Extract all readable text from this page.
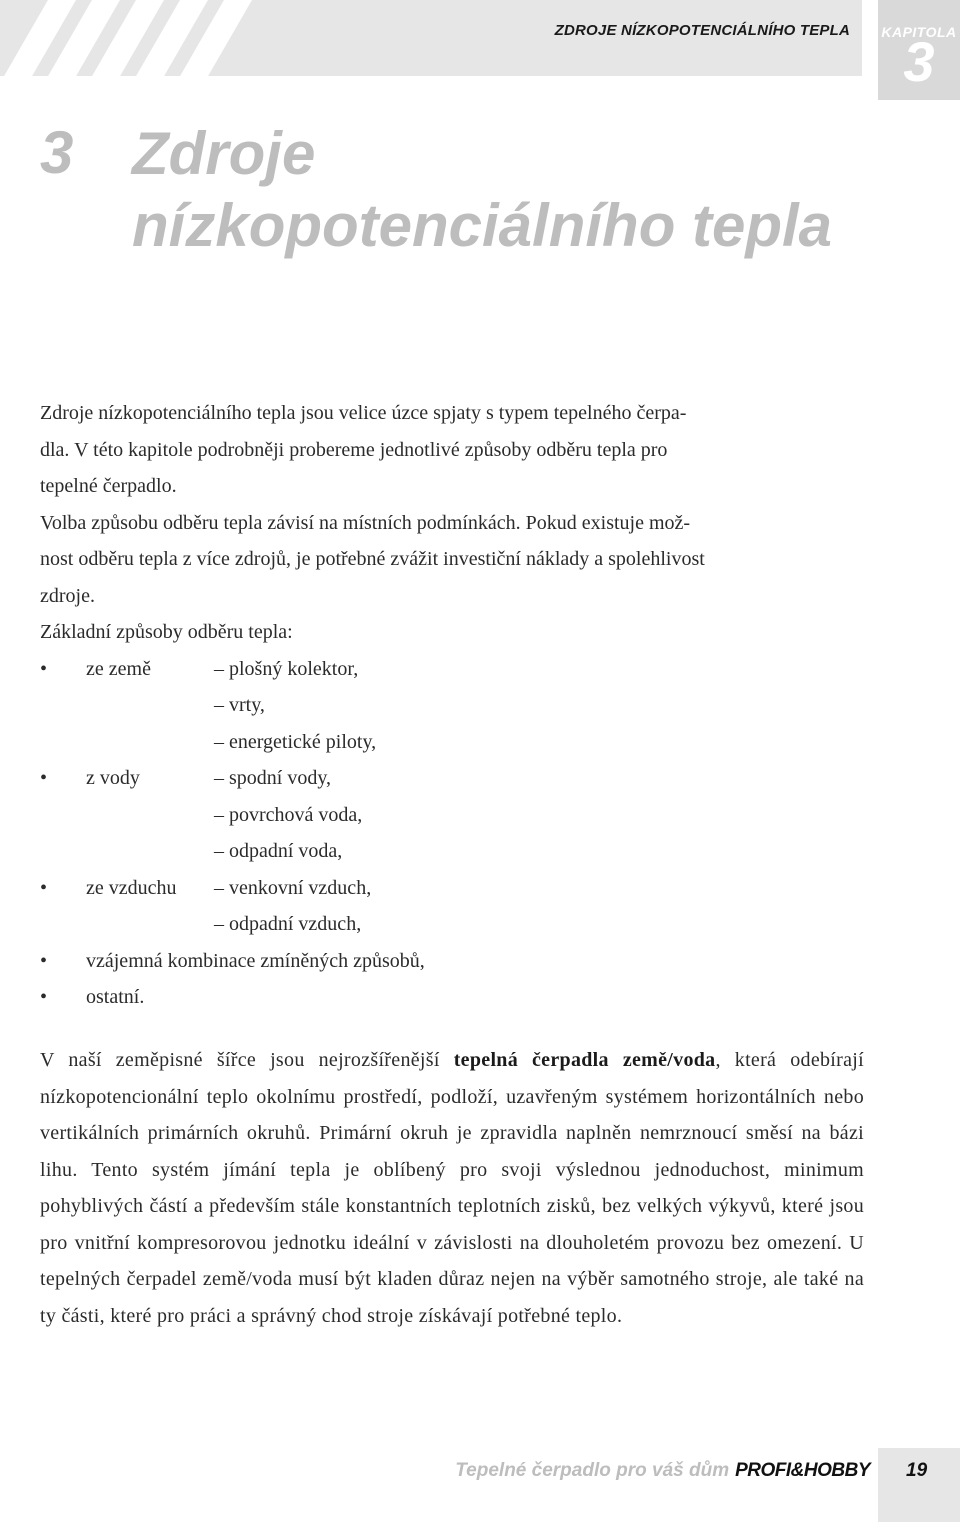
ZDROJE NÍZKOPOTENCIÁLNÍHO TEPLA KAPITOLA
3
3 Zdroje
nízkopotenciálního tepla

Zdroje nízkopotenciálního tepla jsou velice úzce spjaty s typem tepelného čerpa-

dla. V této kapitole podrobněji probereme jednotlivé způsoby odběru tepla pro

tepelné čerpadlo.

Volba způsobu odběru tepla závisí na místních podmínkách. Pokud existuje mož-

nost odběru tepla z více zdrojů, je potřebné zvážit investiční náklady a spolehlivost

zdroje.

Základní způsoby odběru tepla:

• ze země	– plošný kolektor,
– vrty,
– energetické piloty,
• z vody	– spodní vody,
– povrchová voda,
– odpadní voda,
• ze vzduchu – venkovní vzduch,
– odpadní vzduch,
• vzájemná kombinace zmíněných způsobů,
• ostatní.

V naší zeměpisné šířce jsou nejrozšířenější tepelná čerpadla země/voda, která odebírají nízkopotencionální teplo okolnímu prostředí, podloží, uzavřeným systémem horizontálních nebo vertikálních primárních okruhů. Primární okruh je zpravidla naplněn nemrznoucí směsí na bázi lihu. Tento systém jímání tepla je oblíbený pro svoji výslednou jednoduchost, minimum pohyblivých částí a především stále konstantních teplotních zisků, bez velkých výkyvů, které jsou pro vnitřní kompresorovou jednotku ideální v závislosti na dlouholetém provozu bez omezení. U tepelných čerpadel země/voda musí být kladen důraz nejen na výběr samotného stroje, ale také na ty části, které pro práci a správný chod stroje získávají potřebné teplo.

Tepelné čerpadlo pro váš dům PROFI&HOBBY 19
